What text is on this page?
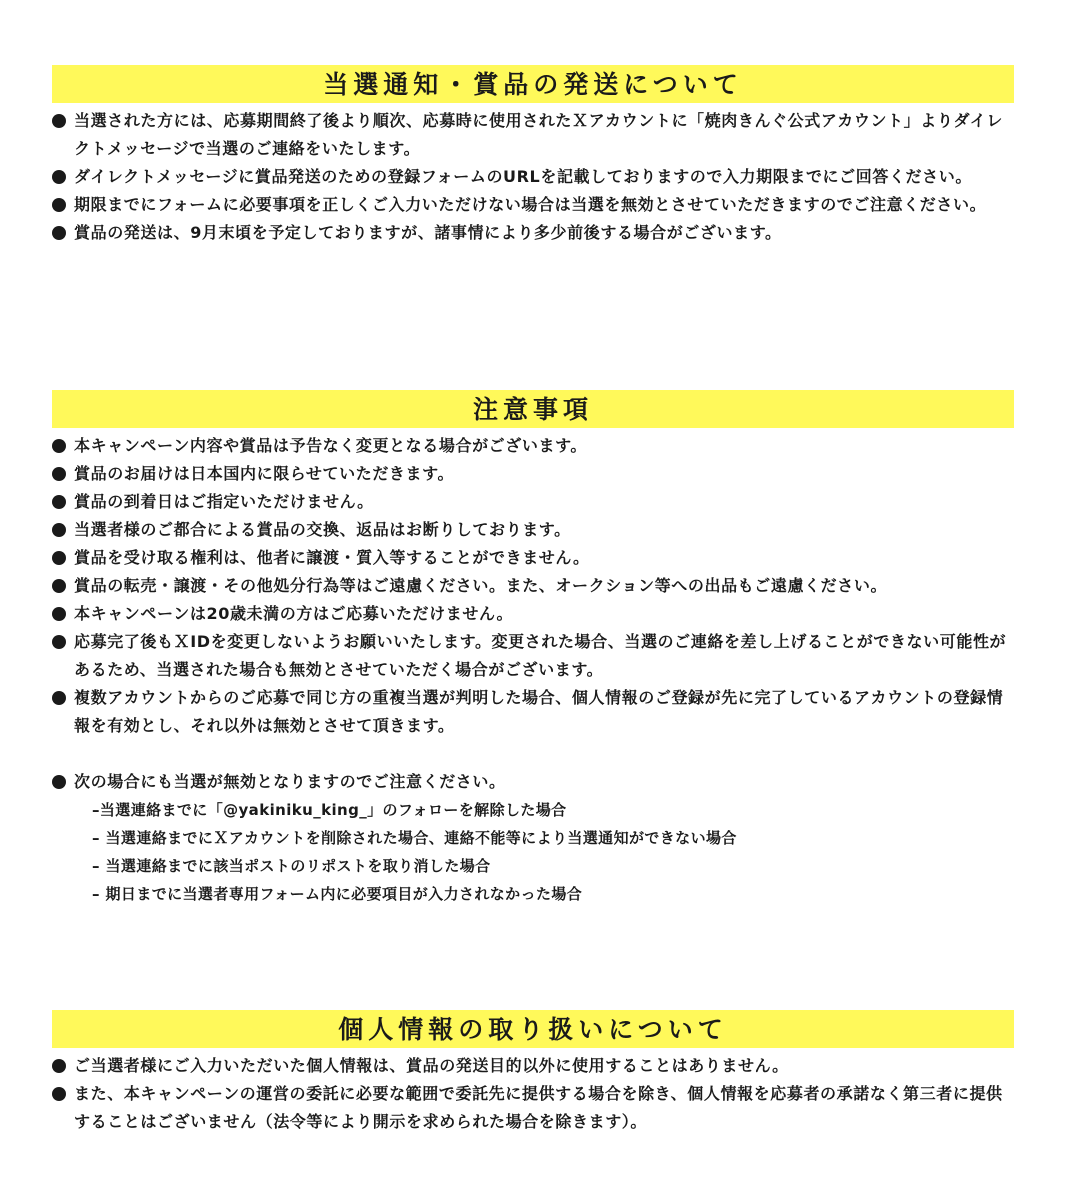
当選通知・賞品の発送について
当選された方には、応募期間終了後より順次、応募時に使用されたＸアカウントに「焼肉きんぐ公式アカウント」よりダイレクトメッセージで当選のご連絡をいたします。
ダイレクトメッセージに賞品発送のための登録フォームのURLを記載しておりますので入力期限までにご回答ください。
期限までにフォームに必要事項を正しくご入力いただけない場合は当選を無効とさせていただきますのでご注意ください。
賞品の発送は、9月末頃を予定しておりますが、諸事情により多少前後する場合がございます。
注意事項
本キャンペーン内容や賞品は予告なく変更となる場合がございます。
賞品のお届けは日本国内に限らせていただきます。
賞品の到着日はご指定いただけません。
当選者様のご都合による賞品の交換、返品はお断りしております。
賞品を受け取る権利は、他者に譲渡・質入等することができません。
賞品の転売・譲渡・その他処分行為等はご遠慮ください。また、オークション等への出品もご遠慮ください。
本キャンペーンは20歳未満の方はご応募いただけません。
応募完了後もＸIDを変更しないようお願いいたします。変更された場合、当選のご連絡を差し上げることができない可能性があるため、当選された場合も無効とさせていただく場合がございます。
複数アカウントからのご応募で同じ方の重複当選が判明した場合、個人情報のご登録が先に完了しているアカウントの登録情報を有効とし、それ以外は無効とさせて頂きます。
次の場合にも当選が無効となりますのでご注意ください。
–当選連絡までに「@yakiniku_king_」のフォローを解除した場合
– 当選連絡までにＸアカウントを削除された場合、連絡不能等により当選通知ができない場合
– 当選連絡までに該当ポストのリポストを取り消した場合
– 期日までに当選者専用フォーム内に必要項目が入力されなかった場合
個人情報の取り扱いについて
ご当選者様にご入力いただいた個人情報は、賞品の発送目的以外に使用することはありません。
また、本キャンペーンの運営の委託に必要な範囲で委託先に提供する場合を除き、個人情報を応募者の承諾なく第三者に提供することはございません（法令等により開示を求められた場合を除きます）。
